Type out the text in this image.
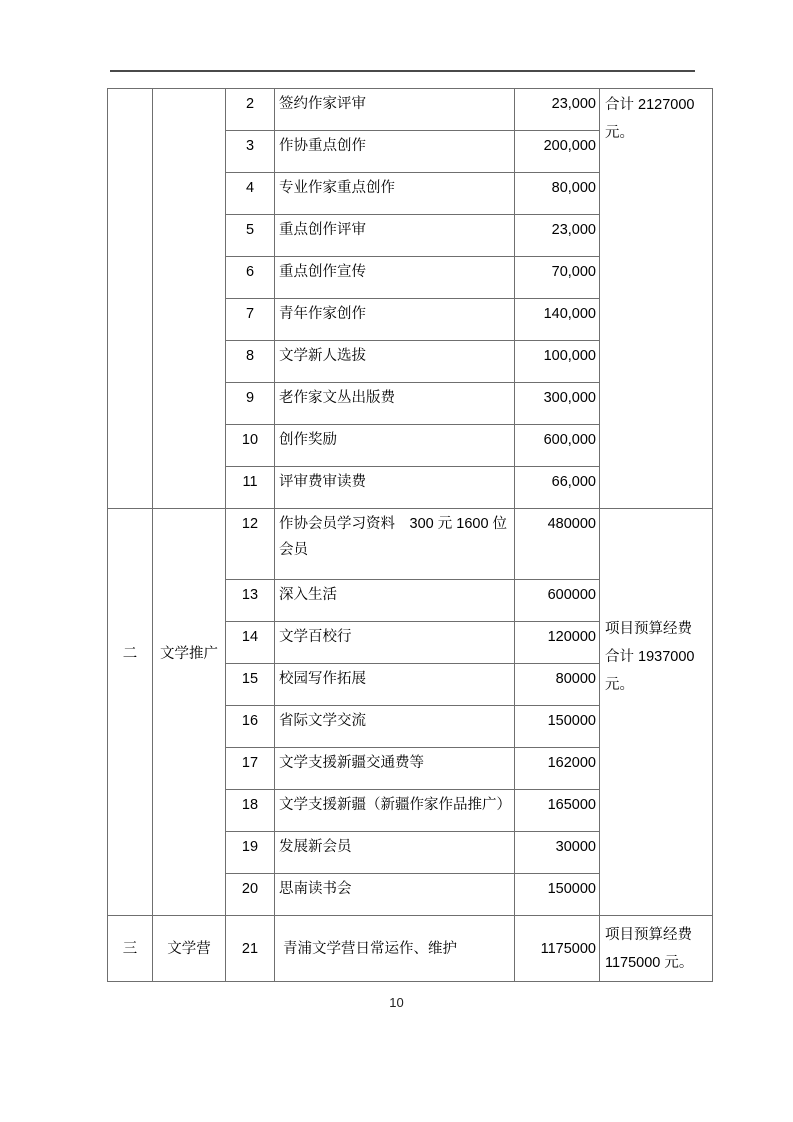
		2	签约作家评审	23,000	合计 2127000 元。
		3	作协重点创作	200,000	
		4	专业作家重点创作	80,000	
		5	重点创作评审	23,000	
		6	重点创作宣传	70,000	
		7	青年作家创作	140,000	
		8	文学新人选拔	100,000	
		9	老作家文丛出版费	300,000	
		10	创作奖励	600,000	
		11	评审费审读费	66,000	
二	文学推广	12	作协会员学习资料　300 元 1600 位会员	480000	项目预算经费 合计 1937000 元。
		13	深入生活	600000	
		14	文学百校行	120000	
		15	校园写作拓展	80000	
		16	省际文学交流	150000	
		17	文学支援新疆交通费等	162000	
		18	文学支援新疆（新疆作家作品推广）	165000	
		19	发展新会员	30000	
		20	思南读书会	150000	
三	文学营	21	青浦文学营日常运作、维护	1175000	项目预算经费 1175000 元。
10
